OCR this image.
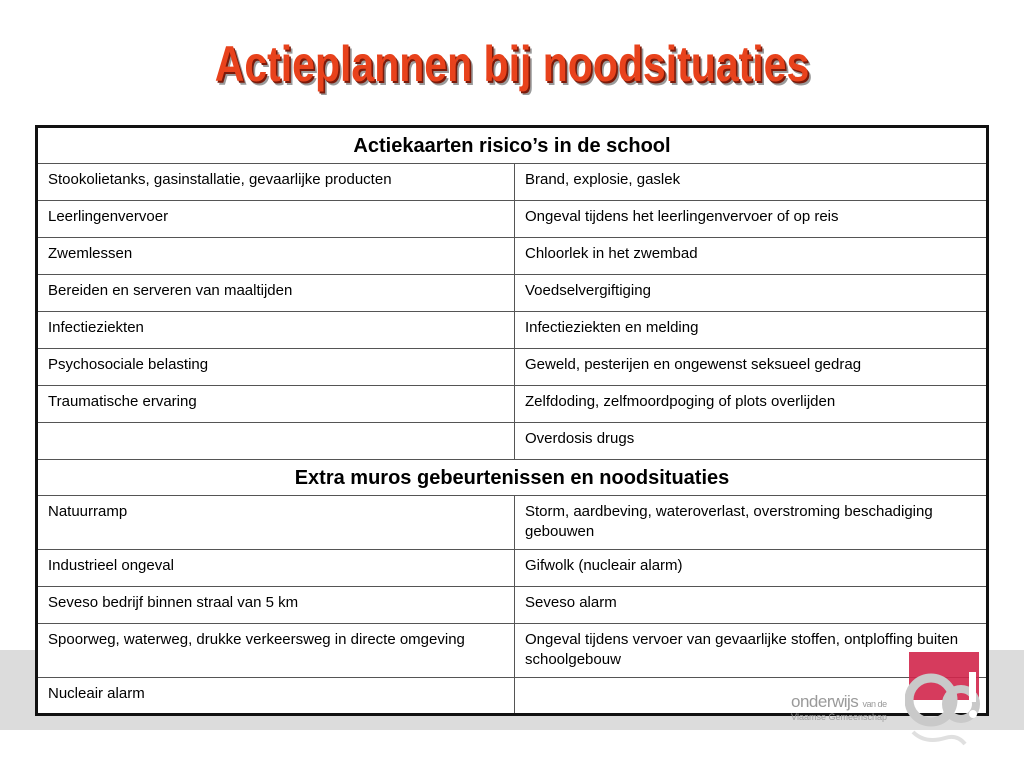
Actieplannen bij noodsituaties
Actiekaarten risico’s in de school	
Stookolietanks, gasinstallatie, gevaarlijke producten	Brand, explosie, gaslek
Leerlingenvervoer	Ongeval tijdens het leerlingenvervoer of op reis
Zwemlessen	Chloorlek in het zwembad
Bereiden en serveren van maaltijden	Voedselvergiftiging
Infectieziekten	Infectieziekten en melding
Psychosociale belasting	Geweld, pesterijen en ongewenst seksueel gedrag
Traumatische ervaring	Zelfdoding, zelfmoordpoging of plots overlijden
	Overdosis drugs
Extra muros gebeurtenissen en noodsituaties	
Natuurramp	Storm, aardbeving, wateroverlast, overstroming beschadiging gebouwen
Industrieel ongeval	Gifwolk (nucleair alarm)
Seveso bedrijf binnen straal van 5 km	Seveso alarm
Spoorweg, waterweg, drukke verkeersweg in directe omgeving	Ongeval tijdens vervoer van gevaarlijke stoffen, ontploffing buiten schoolgebouw
Nucleair alarm		onderwijs van de
Vlaamse Gemeenschap
